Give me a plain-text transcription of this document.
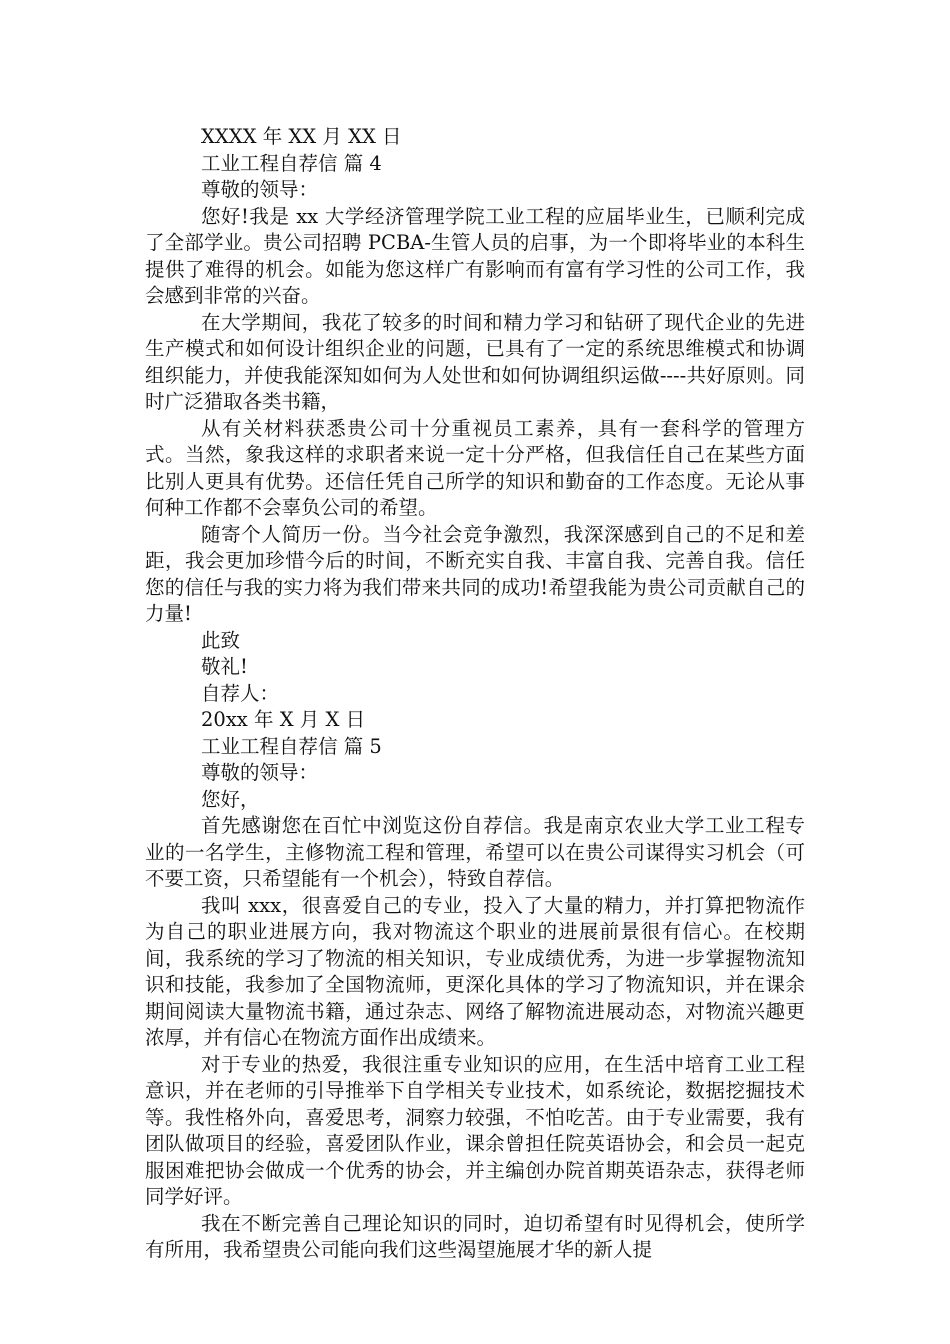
XXXX 年 XX 月 XX 日

工业工程自荐信 篇 4

尊敬的领导：

您好!我是 xx 大学经济管理学院工业工程的应届毕业生，已顺利完成了全部学业。贵公司招聘 PCBA-生管人员的启事，为一个即将毕业的本科生提供了难得的机会。如能为您这样广有影响而有富有学习性的公司工作，我会感到非常的兴奋。

在大学期间，我花了较多的时间和精力学习和钻研了现代企业的先进生产模式和如何设计组织企业的问题，已具有了一定的系统思维模式和协调组织能力，并使我能深知如何为人处世和如何协调组织运做----共好原则。同时广泛猎取各类书籍，

从有关材料获悉贵公司十分重视员工素养，具有一套科学的管理方式。当然，象我这样的求职者来说一定十分严格，但我信任自己在某些方面比别人更具有优势。还信任凭自己所学的知识和勤奋的工作态度。无论从事何种工作都不会辜负公司的希望。

随寄个人简历一份。当今社会竞争激烈，我深深感到自己的不足和差距，我会更加珍惜今后的时间，不断充实自我、丰富自我、完善自我。信任您的信任与我的实力将为我们带来共同的成功!希望我能为贵公司贡献自己的力量!

此致

敬礼!

自荐人：

20xx 年 X 月 X 日

工业工程自荐信 篇 5

尊敬的领导：

您好，

首先感谢您在百忙中浏览这份自荐信。我是南京农业大学工业工程专业的一名学生，主修物流工程和管理，希望可以在贵公司谋得实习机会（可不要工资，只希望能有一个机会），特致自荐信。

我叫 xxx，很喜爱自己的专业，投入了大量的精力，并打算把物流作为自己的职业进展方向，我对物流这个职业的进展前景很有信心。在校期间，我系统的学习了物流的相关知识，专业成绩优秀，为进一步掌握物流知识和技能，我参加了全国物流师，更深化具体的学习了物流知识，并在课余期间阅读大量物流书籍，通过杂志、网络了解物流进展动态，对物流兴趣更浓厚，并有信心在物流方面作出成绩来。

对于专业的热爱，我很注重专业知识的应用，在生活中培育工业工程意识，并在老师的引导推举下自学相关专业技术，如系统论，数据挖掘技术等。我性格外向，喜爱思考，洞察力较强，不怕吃苦。由于专业需要，我有团队做项目的经验，喜爱团队作业，课余曾担任院英语协会，和会员一起克服困难把协会做成一个优秀的协会，并主编创办院首期英语杂志，获得老师同学好评。

我在不断完善自己理论知识的同时，迫切希望有时见得机会，使所学有所用，我希望贵公司能向我们这些渴望施展才华的新人提
